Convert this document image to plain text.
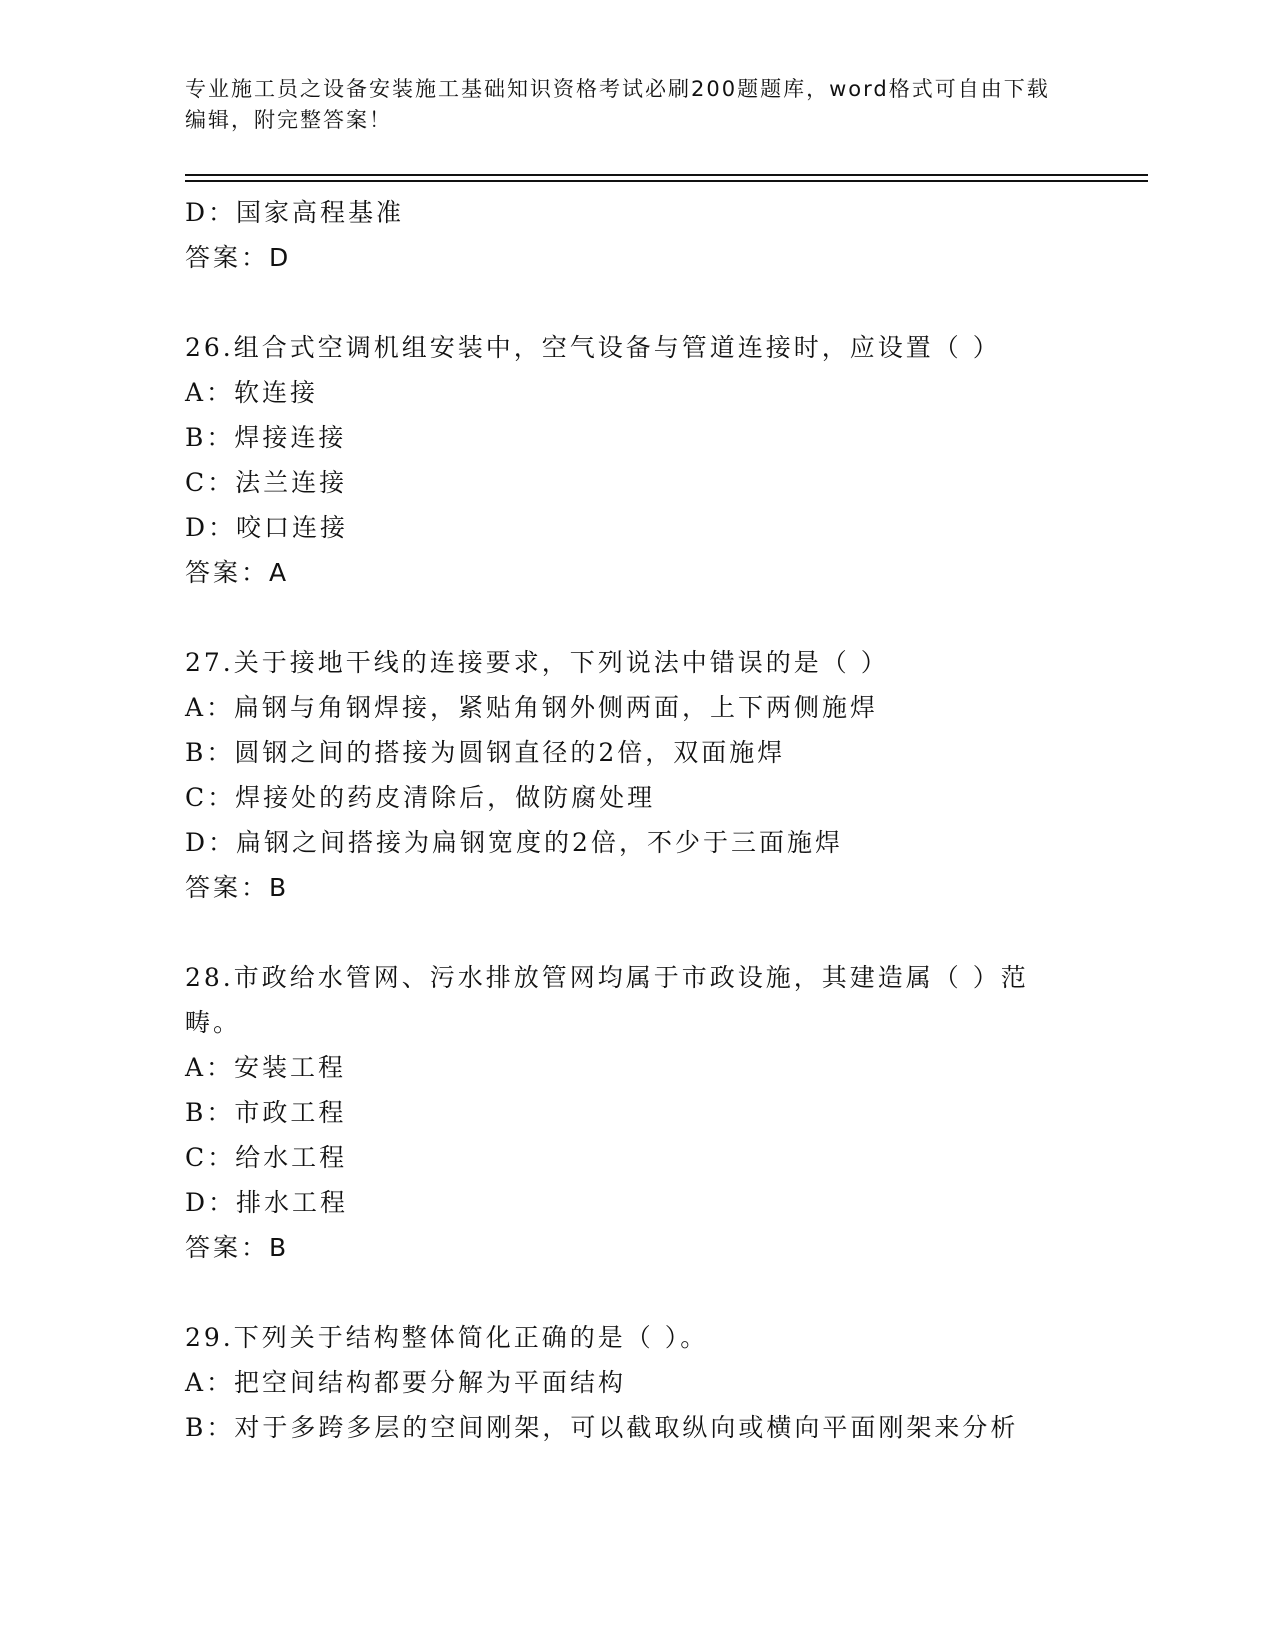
专业施工员之设备安装施工基础知识资格考试必刷200题题库，word格式可自由下载编辑，附完整答案！
D：国家高程基准
答案：D
26.组合式空调机组安装中，空气设备与管道连接时，应设置（ ）
A：软连接
B：焊接连接
C：法兰连接
D：咬口连接
答案：A
27.关于接地干线的连接要求，下列说法中错误的是（ ）
A：扁钢与角钢焊接，紧贴角钢外侧两面，上下两侧施焊
B：圆钢之间的搭接为圆钢直径的2倍，双面施焊
C：焊接处的药皮清除后，做防腐处理
D：扁钢之间搭接为扁钢宽度的2倍，不少于三面施焊
答案：B
28.市政给水管网、污水排放管网均属于市政设施，其建造属（ ）范畴。
A：安装工程
B：市政工程
C：给水工程
D：排水工程
答案：B
29.下列关于结构整体简化正确的是（ ）。
A：把空间结构都要分解为平面结构
B：对于多跨多层的空间刚架，可以截取纵向或横向平面刚架来分析
